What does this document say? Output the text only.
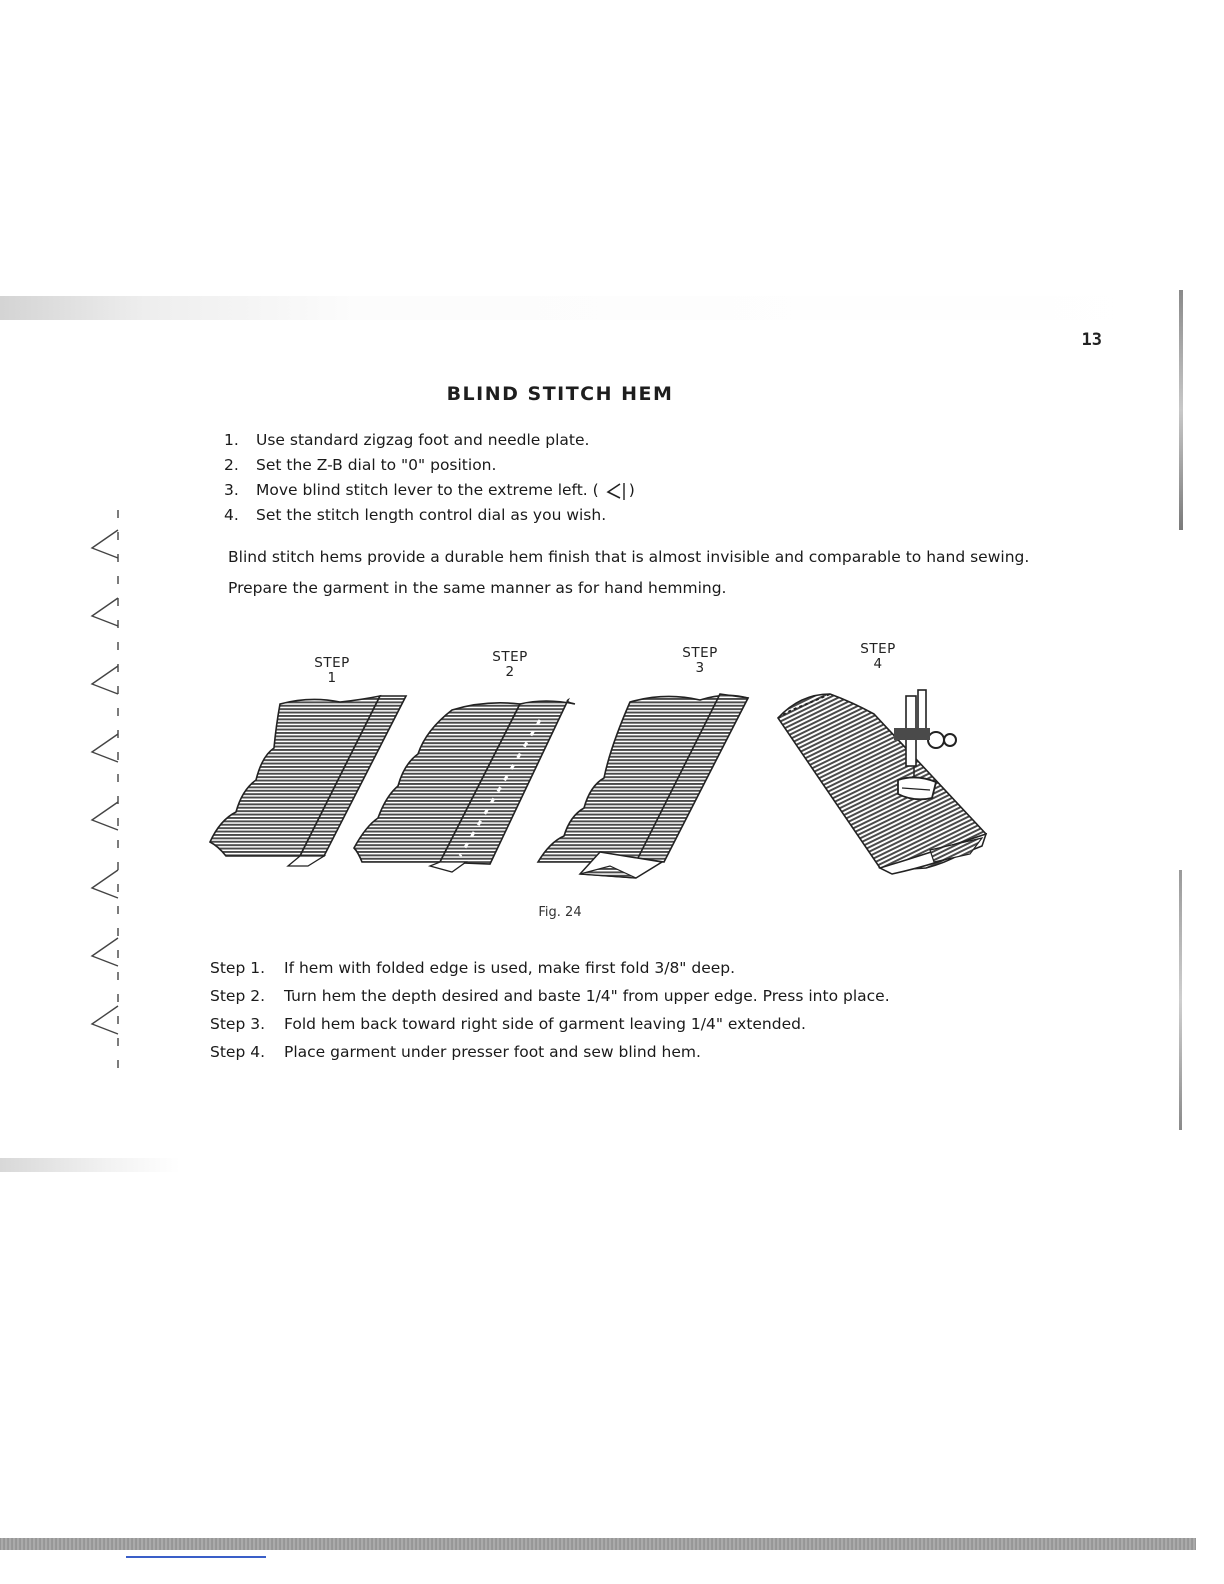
13
BLIND STITCH HEM
1. Use standard zigzag foot and needle plate.
2. Set the Z-B dial to "0" position.
3. Move blind stitch lever to the extreme left. ( )
4. Set the stitch length control dial as you wish.
Blind stitch hems provide a durable hem finish that is almost invisible and comparable to hand sewing.
Prepare the garment in the same manner as for hand hemming.
STEP
1
STEP
2
STEP
3
STEP
4
Fig. 24
Step 1. If hem with folded edge is used, make first fold 3/8" deep.
Step 2. Turn hem the depth desired and baste 1/4" from upper edge. Press into place.
Step 3. Fold hem back toward right side of garment leaving 1/4" extended.
Step 4. Place garment under presser foot and sew blind hem.
